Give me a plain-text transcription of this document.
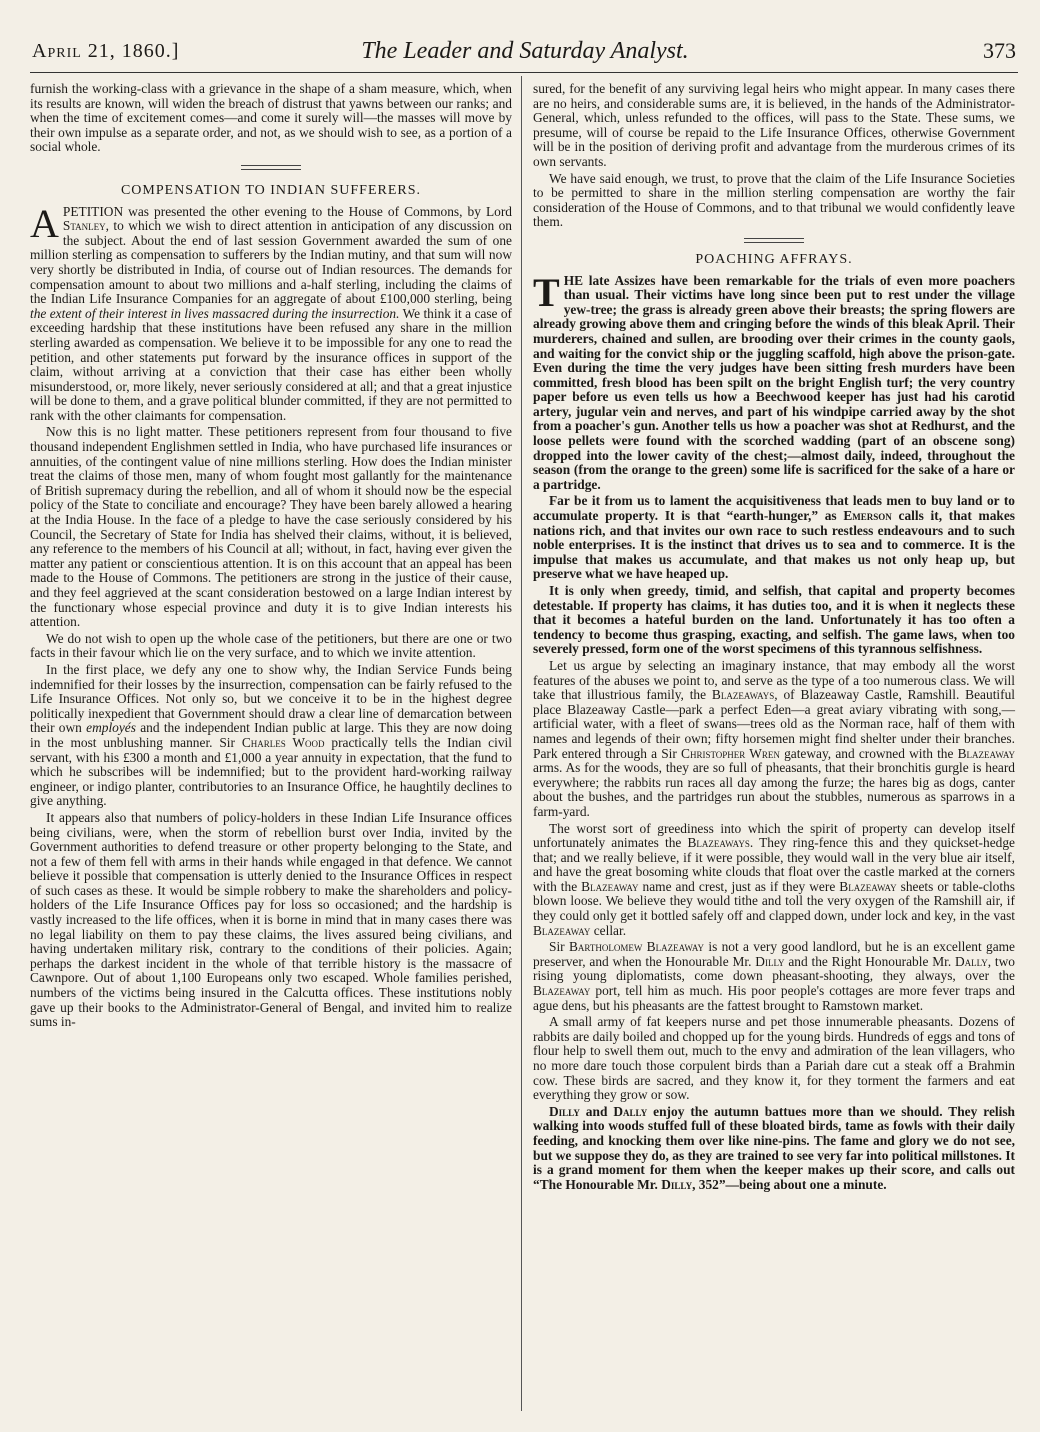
April 21, 1860.]	The Leader and Saturday Analyst.	373

furnish the working-class with a grievance in the shape of a sham measure, which, when its results are known, will widen the breach of distrust that yawns between our ranks; and when the time of excitement comes—and come it surely will—the masses will move by their own impulse as a separate order, and not, as we should wish to see, as a portion of a social whole.

COMPENSATION TO INDIAN SUFFERERS.

A PETITION was presented the other evening to the House of Commons, by Lord Stanley, to which we wish to direct attention in anticipation of any discussion on the subject. About the end of last session Government awarded the sum of one million sterling as compensation to sufferers by the Indian mutiny, and that sum will now very shortly be distributed in India, of course out of Indian resources. The demands for compensation amount to about two millions and a-half sterling, including the claims of the Indian Life Insurance Companies for an aggregate of about £100,000 sterling, being the extent of their interest in lives massacred during the insurrection. We think it a case of exceeding hardship that these institutions have been refused any share in the million sterling awarded as compensation. We believe it to be impossible for any one to read the petition, and other statements put forward by the insurance offices in support of the claim, without arriving at a conviction that their case has either been wholly misunderstood, or, more likely, never seriously considered at all; and that a great injustice will be done to them, and a grave political blunder committed, if they are not permitted to rank with the other claimants for compensation.

Now this is no light matter. These petitioners represent from four thousand to five thousand independent Englishmen settled in India, who have purchased life insurances or annuities, of the contingent value of nine millions sterling. How does the Indian minister treat the claims of those men, many of whom fought most gallantly for the maintenance of British supremacy during the rebellion, and all of whom it should now be the especial policy of the State to conciliate and encourage? They have been barely allowed a hearing at the India House. In the face of a pledge to have the case seriously considered by his Council, the Secretary of State for India has shelved their claims, without, it is believed, any reference to the members of his Council at all; without, in fact, having ever given the matter any patient or conscientious attention. It is on this account that an appeal has been made to the House of Commons. The petitioners are strong in the justice of their cause, and they feel aggrieved at the scant consideration bestowed on a large Indian interest by the functionary whose especial province and duty it is to give Indian interests his attention.

We do not wish to open up the whole case of the petitioners, but there are one or two facts in their favour which lie on the very surface, and to which we invite attention.

In the first place, we defy any one to show why, the Indian Service Funds being indemnified for their losses by the insurrection, compensation can be fairly refused to the Life Insurance Offices. Not only so, but we conceive it to be in the highest degree politically inexpedient that Government should draw a clear line of demarcation between their own employés and the independent Indian public at large. This they are now doing in the most unblushing manner. Sir Charles Wood practically tells the Indian civil servant, with his £300 a month and £1,000 a year annuity in expectation, that the fund to which he subscribes will be indemnified; but to the provident hard-working railway engineer, or indigo planter, contributories to an Insurance Office, he haughtily declines to give anything.

It appears also that numbers of policy-holders in these Indian Life Insurance offices being civilians, were, when the storm of rebellion burst over India, invited by the Government authorities to defend treasure or other property belonging to the State, and not a few of them fell with arms in their hands while engaged in that defence. We cannot believe it possible that compensation is utterly denied to the Insurance Offices in respect of such cases as these. It would be simple robbery to make the shareholders and policy-holders of the Life Insurance Offices pay for loss so occasioned; and the hardship is vastly increased to the life offices, when it is borne in mind that in many cases there was no legal liability on them to pay these claims, the lives assured being civilians, and having undertaken military risk, contrary to the conditions of their policies. Again; perhaps the darkest incident in the whole of that terrible history is the massacre of Cawnpore. Out of about 1,100 Europeans only two escaped. Whole families perished, numbers of the victims being insured in the Calcutta offices. These institutions nobly gave up their books to the Administrator-General of Bengal, and invited him to realize sums in-

sured, for the benefit of any surviving legal heirs who might appear. In many cases there are no heirs, and considerable sums are, it is believed, in the hands of the Administrator-General, which, unless refunded to the offices, will pass to the State. These sums, we presume, will of course be repaid to the Life Insurance Offices, otherwise Government will be in the position of deriving profit and advantage from the murderous crimes of its own servants.

We have said enough, we trust, to prove that the claim of the Life Insurance Societies to be permitted to share in the million sterling compensation are worthy the fair consideration of the House of Commons, and to that tribunal we would confidently leave them.

POACHING AFFRAYS.

THE late Assizes have been remarkable for the trials of even more poachers than usual. Their victims have long since been put to rest under the village yew-tree; the grass is already green above their breasts; the spring flowers are already growing above them and cringing before the winds of this bleak April. Their murderers, chained and sullen, are brooding over their crimes in the county gaols, and waiting for the convict ship or the juggling scaffold, high above the prison-gate. Even during the time the very judges have been sitting fresh murders have been committed, fresh blood has been spilt on the bright English turf; the very country paper before us even tells us how a Beechwood keeper has just had his carotid artery, jugular vein and nerves, and part of his windpipe carried away by the shot from a poacher's gun. Another tells us how a poacher was shot at Redhurst, and the loose pellets were found with the scorched wadding (part of an obscene song) dropped into the lower cavity of the chest;—almost daily, indeed, throughout the season (from the orange to the green) some life is sacrificed for the sake of a hare or a partridge.

Far be it from us to lament the acquisitiveness that leads men to buy land or to accumulate property. It is that “earth-hunger,” as Emerson calls it, that makes nations rich, and that invites our own race to such restless endeavours and to such noble enterprises. It is the instinct that drives us to sea and to commerce. It is the impulse that makes us accumulate, and that makes us not only heap up, but preserve what we have heaped up.

It is only when greedy, timid, and selfish, that capital and property becomes detestable. If property has claims, it has duties too, and it is when it neglects these that it becomes a hateful burden on the land. Unfortunately it has too often a tendency to become thus grasping, exacting, and selfish. The game laws, when too severely pressed, form one of the worst specimens of this tyrannous selfishness.

Let us argue by selecting an imaginary instance, that may embody all the worst features of the abuses we point to, and serve as the type of a too numerous class. We will take that illustrious family, the Blazeaways, of Blazeaway Castle, Ramshill. Beautiful place Blazeaway Castle—park a perfect Eden—a great aviary vibrating with song,—artificial water, with a fleet of swans—trees old as the Norman race, half of them with names and legends of their own; fifty horsemen might find shelter under their branches. Park entered through a Sir Christopher Wren gateway, and crowned with the Blazeaway arms. As for the woods, they are so full of pheasants, that their bronchitis gurgle is heard everywhere; the rabbits run races all day among the furze; the hares big as dogs, canter about the bushes, and the partridges run about the stubbles, numerous as sparrows in a farm-yard.

The worst sort of greediness into which the spirit of property can develop itself unfortunately animates the Blazeaways. They ring-fence this and they quickset-hedge that; and we really believe, if it were possible, they would wall in the very blue air itself, and have the great bosoming white clouds that float over the castle marked at the corners with the Blazeaway name and crest, just as if they were Blazeaway sheets or table-cloths blown loose. We believe they would tithe and toll the very oxygen of the Ramshill air, if they could only get it bottled safely off and clapped down, under lock and key, in the vast Blazeaway cellar.

Sir Bartholomew Blazeaway is not a very good landlord, but he is an excellent game preserver, and when the Honourable Mr. Dilly and the Right Honourable Mr. Dally, two rising young diplomatists, come down pheasant-shooting, they always, over the Blazeaway port, tell him as much. His poor people's cottages are more fever traps and ague dens, but his pheasants are the fattest brought to Ramstown market.

A small army of fat keepers nurse and pet those innumerable pheasants. Dozens of rabbits are daily boiled and chopped up for the young birds. Hundreds of eggs and tons of flour help to swell them out, much to the envy and admiration of the lean villagers, who no more dare touch those corpulent birds than a Pariah dare cut a steak off a Brahmin cow. These birds are sacred, and they know it, for they torment the farmers and eat everything they grow or sow.

Dilly and Dally enjoy the autumn battues more than we should. They relish walking into woods stuffed full of these bloated birds, tame as fowls with their daily feeding, and knocking them over like nine-pins. The fame and glory we do not see, but we suppose they do, as they are trained to see very far into political millstones. It is a grand moment for them when the keeper makes up their score, and calls out “The Honourable Mr. Dilly, 352”—being about one a minute.
